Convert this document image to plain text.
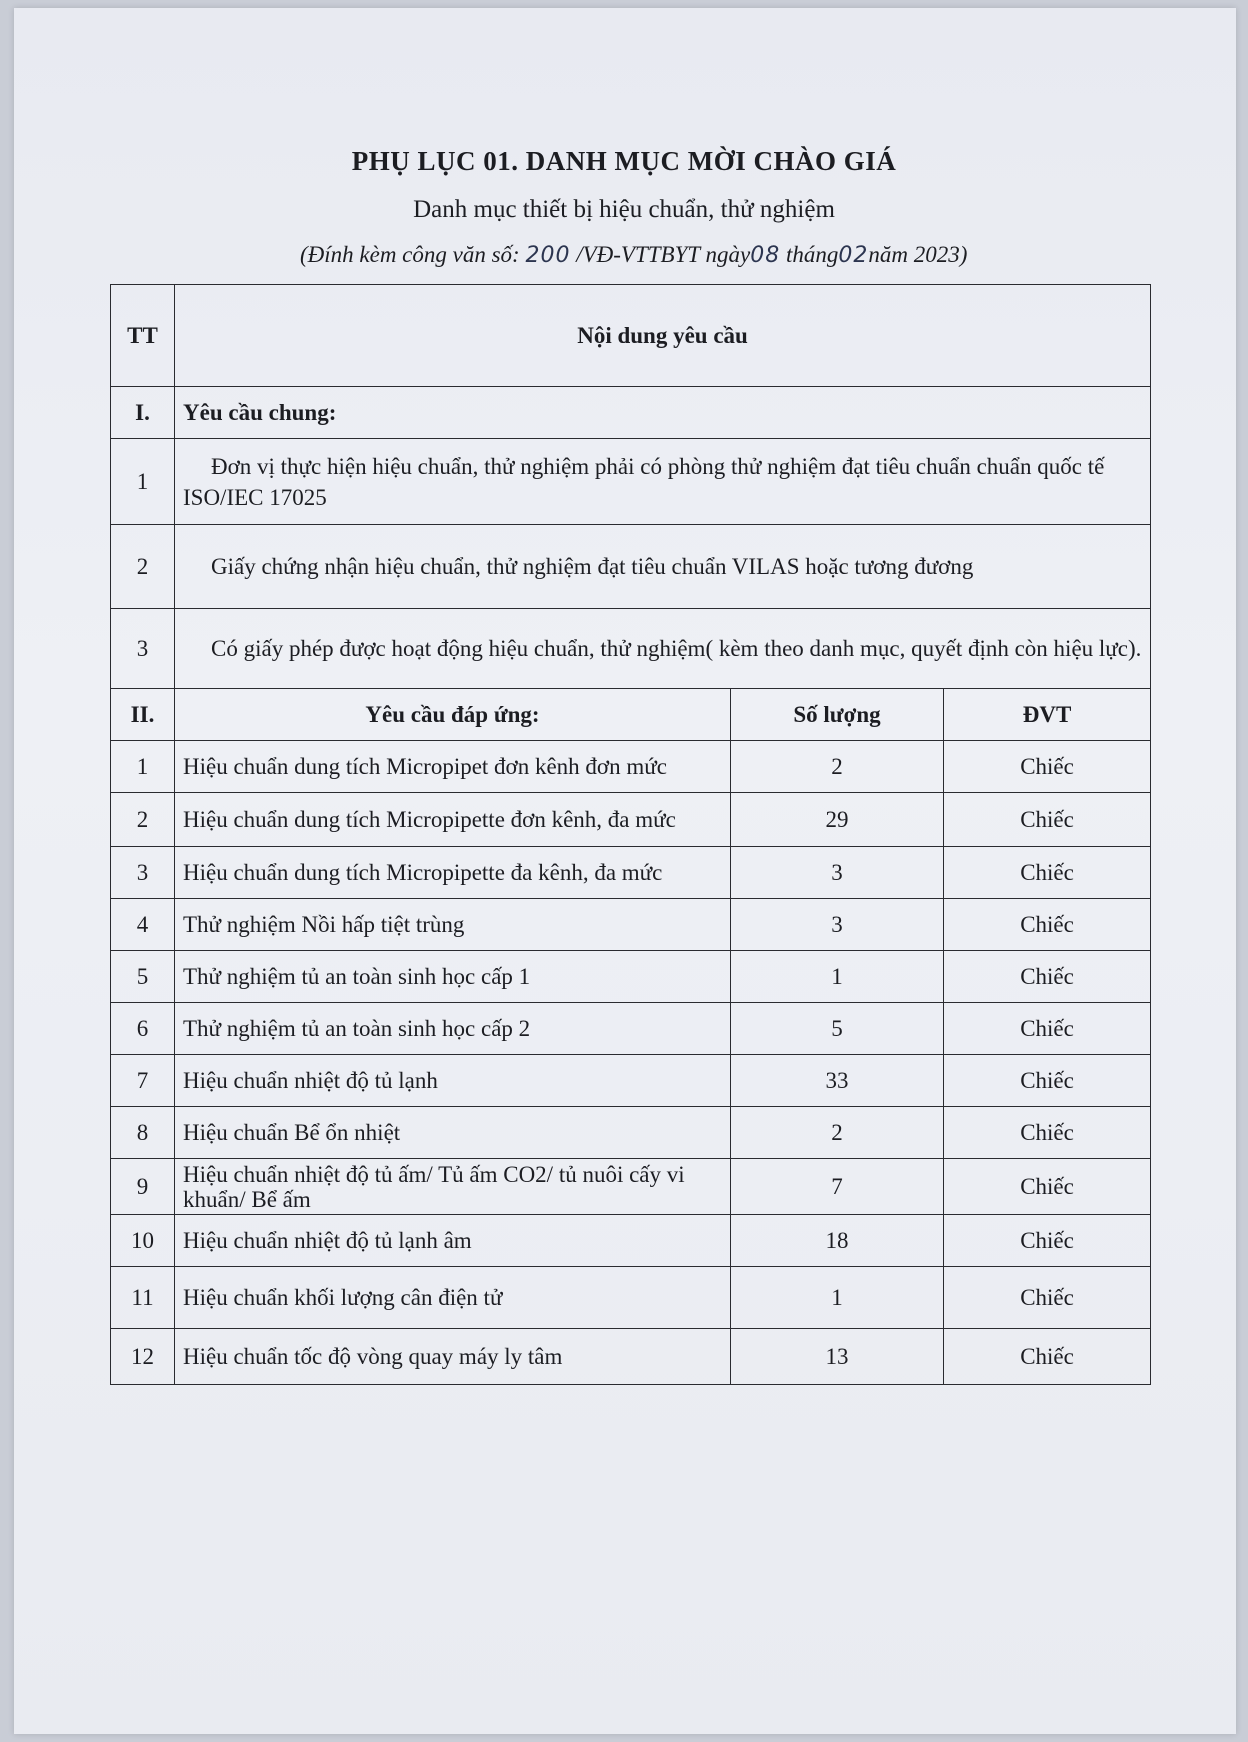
PHỤ LỤC 01. DANH MỤC MỜI CHÀO GIÁ
Danh mục thiết bị hiệu chuẩn, thử nghiệm
(Đính kèm công văn số: 200 /VĐ-VTTBYT ngày08 tháng02năm 2023)
TT	Nội dung yêu cầu		
I.	Yêu cầu chung:		
1	Đơn vị thực hiện hiệu chuẩn, thử nghiệm phải có phòng thử nghiệm đạt tiêu chuẩn chuẩn quốc tế ISO/IEC 17025		
2	Giấy chứng nhận hiệu chuẩn, thử nghiệm đạt tiêu chuẩn VILAS hoặc tương đương		
3	Có giấy phép được hoạt động hiệu chuẩn, thử nghiệm( kèm theo danh mục, quyết định còn hiệu lực).		
II.	Yêu cầu đáp ứng:	Số lượng	ĐVT
1	Hiệu chuẩn dung tích Micropipet đơn kênh đơn mức	2	Chiếc
2	Hiệu chuẩn dung tích Micropipette đơn kênh, đa mức	29	Chiếc
3	Hiệu chuẩn dung tích Micropipette đa kênh, đa mức	3	Chiếc
4	Thử nghiệm Nồi hấp tiệt trùng	3	Chiếc
5	Thử nghiệm tủ an toàn sinh học cấp 1	1	Chiếc
6	Thử nghiệm tủ an toàn sinh học cấp 2	5	Chiếc
7	Hiệu chuẩn nhiệt độ tủ lạnh	33	Chiếc
8	Hiệu chuẩn Bể ổn nhiệt	2	Chiếc
9	Hiệu chuẩn nhiệt độ tủ ấm/ Tủ ấm CO2/ tủ nuôi cấy vi khuẩn/ Bể ấm	7	Chiếc
10	Hiệu chuẩn nhiệt độ tủ lạnh âm	18	Chiếc
11	Hiệu chuẩn khối lượng cân điện tử	1	Chiếc
12	Hiệu chuẩn tốc độ vòng quay máy ly tâm	13	Chiếc
